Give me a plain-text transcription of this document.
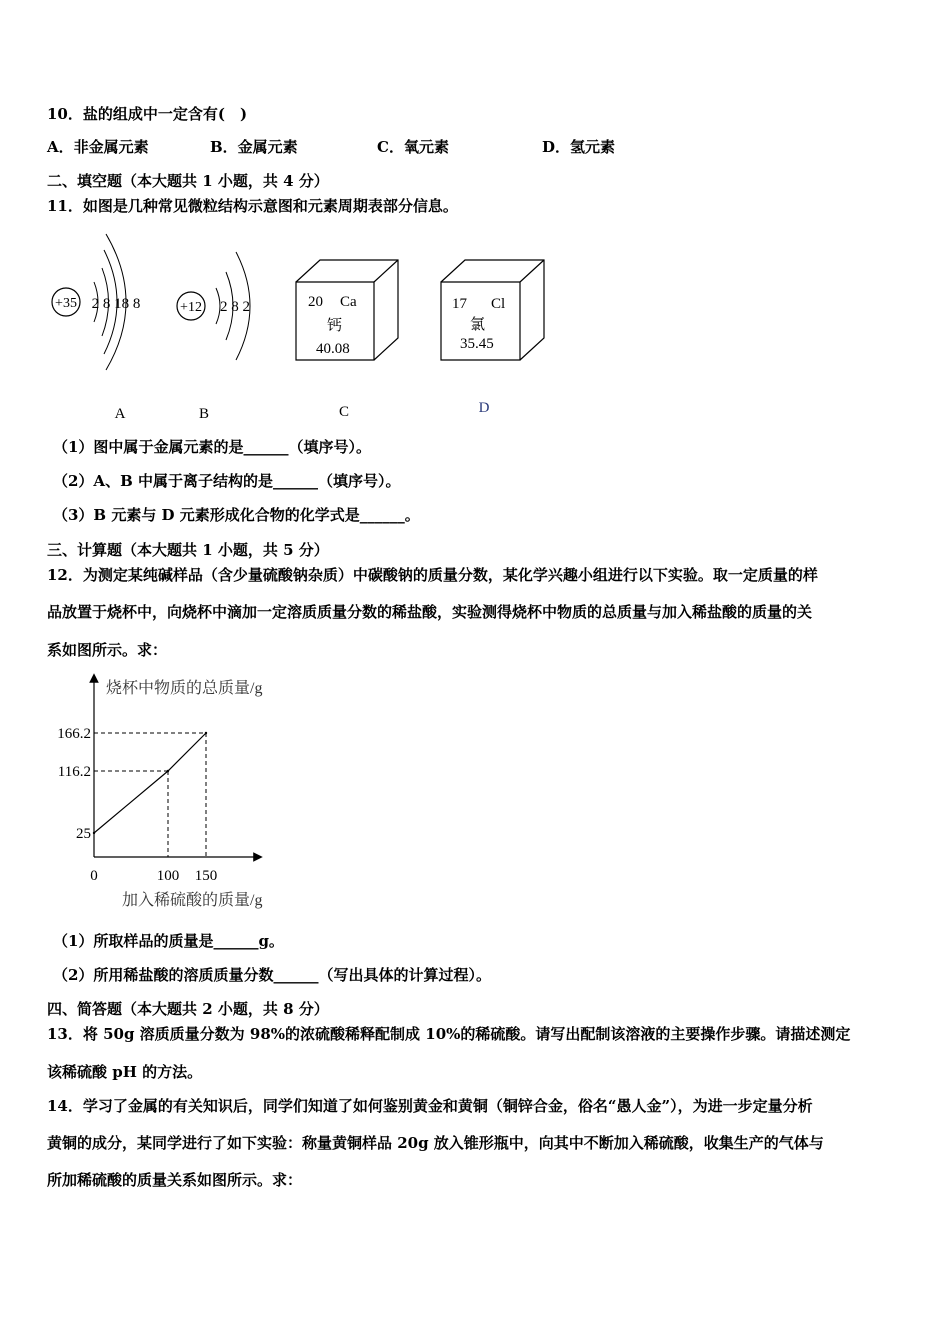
10．盐的组成中一定含有(　)
A．非金属元素	B．金属元素	C．氧元素	D．氢元素
二、填空题（本大题共 1 小题，共 4 分）
11．如图是几种常见微粒结构示意图和元素周期表部分信息。
+35 2 8 18 8	+12 2 8 2	20 Ca
钙
40.08
17 Cl
氯
35.45
A	B	C	D
（1）图中属于金属元素的是______（填序号）。
（2）A、B 中属于离子结构的是______（填序号）。
（3）B 元素与 D 元素形成化合物的化学式是______。
三、计算题（本大题共 1 小题，共 5 分）
12．为测定某纯碱样品（含少量硫酸钠杂质）中碳酸钠的质量分数，某化学兴趣小组进行以下实验。取一定质量的样
品放置于烧杯中，向烧杯中滴加一定溶质质量分数的稀盐酸，实验测得烧杯中物质的总质量与加入稀盐酸的质量的关
系如图所示。求：
烧杯中物质的总质量/g
加入稀硫酸的质量/g
0
25
116.2
166.2
100 150
（1）所取样品的质量是______g。
（2）所用稀盐酸的溶质质量分数______（写出具体的计算过程）。
四、简答题（本大题共 2 小题，共 8 分）
13．将 50g 溶质质量分数为 98%的浓硫酸稀释配制成 10%的稀硫酸。请写出配制该溶液的主要操作步骤。请描述测定
该稀硫酸 pH 的方法。
14．学习了金属的有关知识后，同学们知道了如何鉴别黄金和黄铜（铜锌合金，俗名“愚人金”），为进一步定量分析
黄铜的成分，某同学进行了如下实验：称量黄铜样品 20g 放入锥形瓶中，向其中不断加入稀硫酸，收集生产的气体与
所加稀硫酸的质量关系如图所示。求：
